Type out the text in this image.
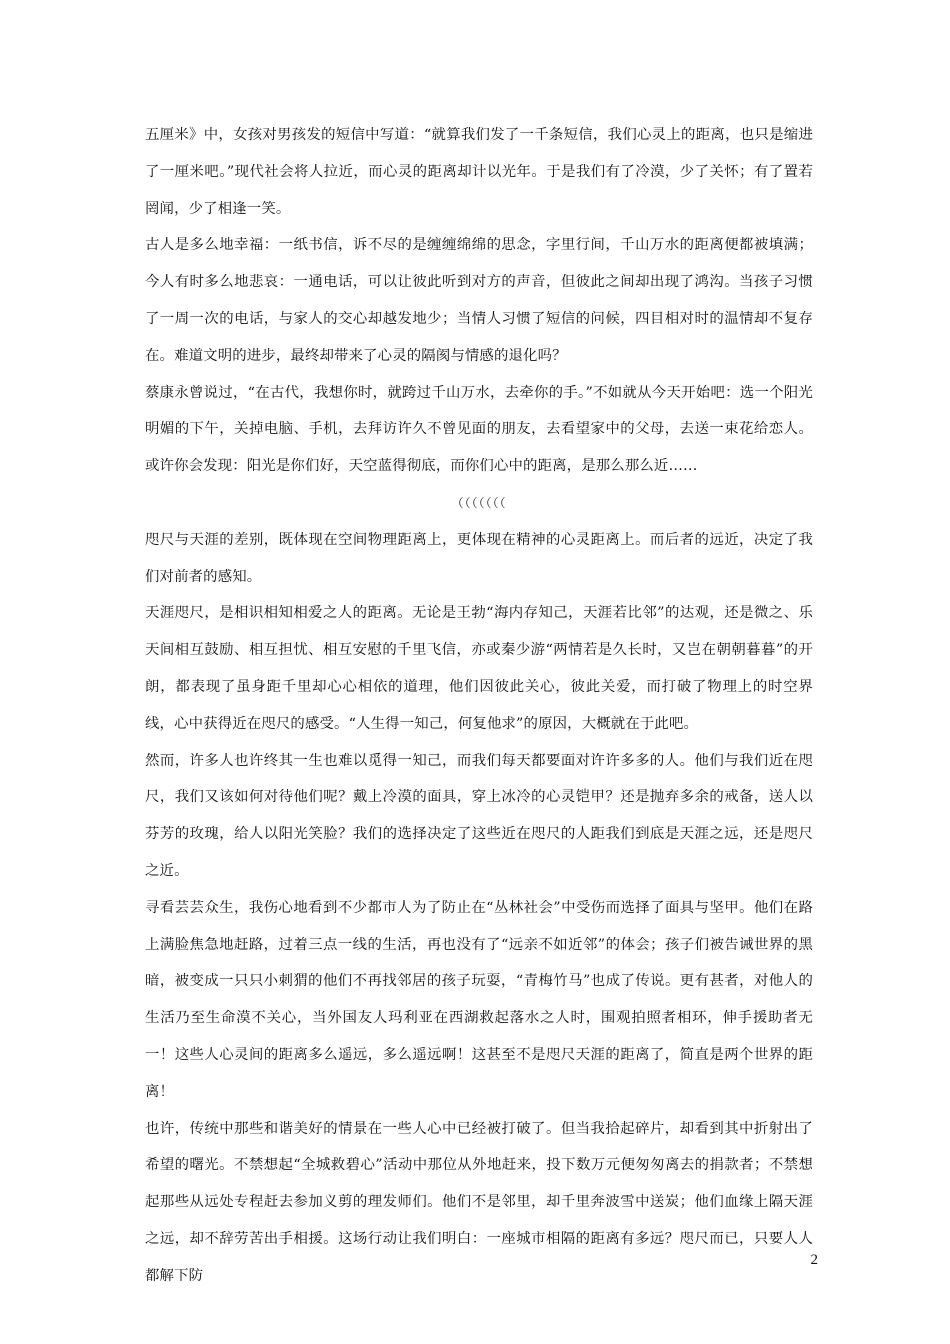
五厘米》中，女孩对男孩发的短信中写道：“就算我们发了一千条短信，我们心灵上的距离，也只是缩进了一厘米吧。”现代社会将人拉近，而心灵的距离却计以光年。于是我们有了冷漠，少了关怀；有了置若罔闻，少了相逢一笑。

古人是多么地幸福：一纸书信，诉不尽的是缠缠绵绵的思念，字里行间，千山万水的距离便都被填满；今人有时多么地悲哀：一通电话，可以让彼此听到对方的声音，但彼此之间却出现了鸿沟。当孩子习惯了一周一次的电话，与家人的交心却越发地少；当情人习惯了短信的问候，四目相对时的温情却不复存在。难道文明的进步，最终却带来了心灵的隔阂与情感的退化吗？

蔡康永曾说过，“在古代，我想你时，就跨过千山万水，去牵你的手。”不如就从今天开始吧：选一个阳光明媚的下午，关掉电脑、手机，去拜访许久不曾见面的朋友，去看望家中的父母，去送一束花给恋人。或许你会发现：阳光是你们好，天空蓝得彻底，而你们心中的距离，是那么那么近……

（（（（（（（

咫尺与天涯的差别，既体现在空间物理距离上，更体现在精神的心灵距离上。而后者的远近，决定了我们对前者的感知。

天涯咫尺，是相识相知相爱之人的距离。无论是王勃“海内存知己，天涯若比邻”的达观，还是微之、乐天间相互鼓励、相互担忧、相互安慰的千里飞信，亦或秦少游“两情若是久长时，又岂在朝朝暮暮”的开朗，都表现了虽身距千里却心心相依的道理，他们因彼此关心，彼此关爱，而打破了物理上的时空界线，心中获得近在咫尺的感受。“人生得一知己，何复他求”的原因，大概就在于此吧。

然而，许多人也许终其一生也难以觅得一知己，而我们每天都要面对许许多多的人。他们与我们近在咫尺，我们又该如何对待他们呢？戴上冷漠的面具，穿上冰冷的心灵铠甲？还是抛弃多余的戒备，送人以芬芳的玫瑰，给人以阳光笑脸？我们的选择决定了这些近在咫尺的人距我们到底是天涯之远，还是咫尺之近。

寻看芸芸众生，我伤心地看到不少都市人为了防止在“丛林社会”中受伤而选择了面具与坚甲。他们在路上满脸焦急地赶路，过着三点一线的生活，再也没有了“远亲不如近邻”的体会；孩子们被告诫世界的黑暗，被变成一只只小刺猬的他们不再找邻居的孩子玩耍，“青梅竹马”也成了传说。更有甚者，对他人的生活乃至生命漠不关心，当外国友人玛利亚在西湖救起落水之人时，围观拍照者相环，伸手援助者无一！这些人心灵间的距离多么遥远，多么遥远啊！这甚至不是咫尺天涯的距离了，简直是两个世界的距离！

也许，传统中那些和谐美好的情景在一些人心中已经被打破了。但当我拾起碎片，却看到其中折射出了希望的曙光。不禁想起“全城救碧心”活动中那位从外地赶来，投下数万元便匆匆离去的捐款者；不禁想起那些从远处专程赶去参加义剪的理发师们。他们不是邻里，却千里奔波雪中送炭；他们血缘上隔天涯之远，却不辞劳苦出手相援。这场行动让我们明白：一座城市相隔的距离有多远？咫尺而已，只要人人都解下防

2
